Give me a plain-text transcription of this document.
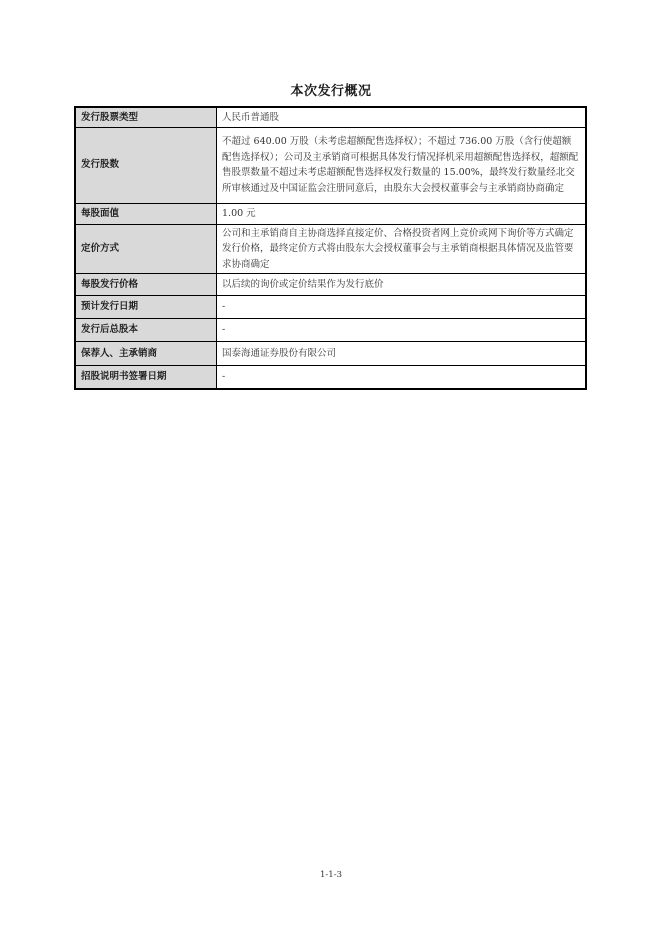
本次发行概况
发行股票类型	人民币普通股
发行股数	不超过 640.00 万股（未考虑超额配售选择权）；不超过 736.00 万股（含行使超额配售选择权）；公司及主承销商可根据具体发行情况择机采用超额配售选择权，超额配售股票数量不超过未考虑超额配售选择权发行数量的 15.00%，最终发行数量经北交所审核通过及中国证监会注册同意后，由股东大会授权董事会与主承销商协商确定
每股面值	1.00 元
定价方式	公司和主承销商自主协商选择直接定价、合格投资者网上竞价或网下询价等方式确定发行价格，最终定价方式将由股东大会授权董事会与主承销商根据具体情况及监管要求协商确定
每股发行价格	以后续的询价或定价结果作为发行底价
预计发行日期	-
发行后总股本	-
保荐人、主承销商	国泰海通证券股份有限公司
招股说明书签署日期	-
1-1-3
